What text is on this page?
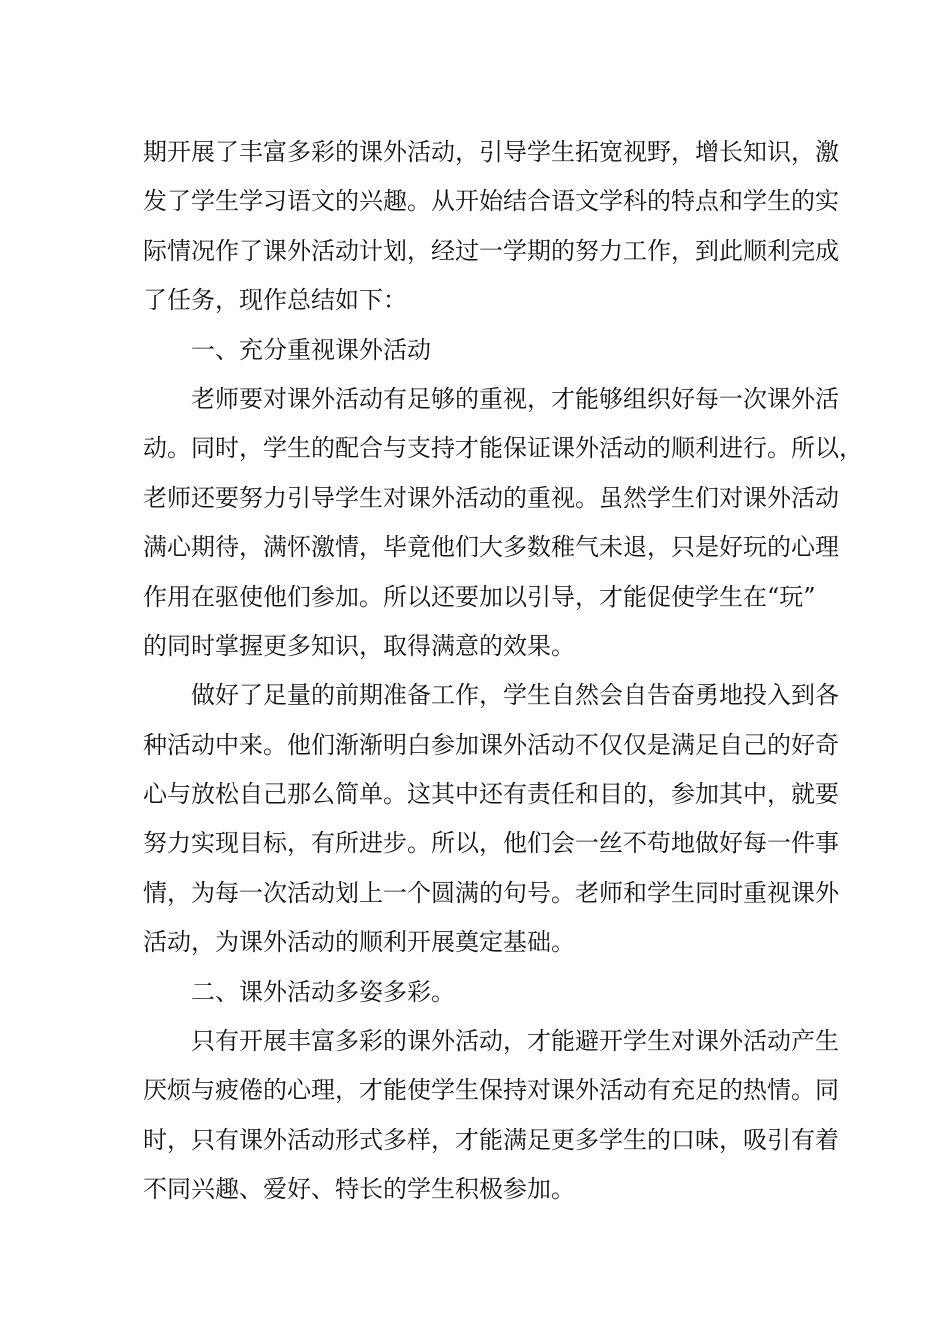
期开展了丰富多彩的课外活动，引导学生拓宽视野，增长知识，激
发了学生学习语文的兴趣。从开始结合语文学科的特点和学生的实
际情况作了课外活动计划，经过一学期的努力工作，到此顺利完成
了任务，现作总结如下：
一、充分重视课外活动
老师要对课外活动有足够的重视，才能够组织好每一次课外活
动。同时，学生的配合与支持才能保证课外活动的顺利进行。所以，
老师还要努力引导学生对课外活动的重视。虽然学生们对课外活动
满心期待，满怀激情，毕竟他们大多数稚气未退，只是好玩的心理
作用在驱使他们参加。所以还要加以引导，才能促使学生在“玩”
的同时掌握更多知识，取得满意的效果。
做好了足量的前期准备工作，学生自然会自告奋勇地投入到各
种活动中来。他们渐渐明白参加课外活动不仅仅是满足自己的好奇
心与放松自己那么简单。这其中还有责任和目的，参加其中，就要
努力实现目标，有所进步。所以，他们会一丝不苟地做好每一件事
情，为每一次活动划上一个圆满的句号。老师和学生同时重视课外
活动，为课外活动的顺利开展奠定基础。
二、课外活动多姿多彩。
只有开展丰富多彩的课外活动，才能避开学生对课外活动产生
厌烦与疲倦的心理，才能使学生保持对课外活动有充足的热情。同
时，只有课外活动形式多样，才能满足更多学生的口味，吸引有着
不同兴趣、爱好、特长的学生积极参加。
